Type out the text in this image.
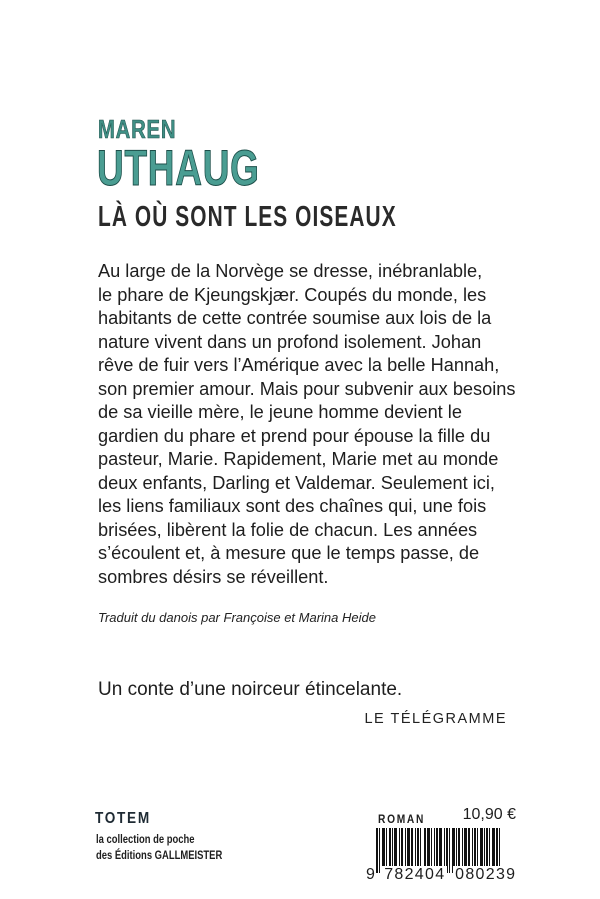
MAREN
UTHAUG
LÀ OÙ SONT LES OISEAUX
Au large de la Norvège se dresse, inébranlable,
le phare de Kjeungskjær. Coupés du monde, les
habitants de cette contrée soumise aux lois de la
nature vivent dans un profond isolement. Johan
rêve de fuir vers l’Amérique avec la belle Hannah,
son premier amour. Mais pour subvenir aux besoins
de sa vieille mère, le jeune homme devient le
gardien du phare et prend pour épouse la fille du
pasteur, Marie. Rapidement, Marie met au monde
deux enfants, Darling et Valdemar. Seulement ici,
les liens familiaux sont des chaînes qui, une fois
brisées, libèrent la folie de chacun. Les années
s’écoulent et, à mesure que le temps passe, de
sombres désirs se réveillent.
Traduit du danois par Françoise et Marina Heide
Un conte d’une noirceur étincelante.
LE TÉLÉGRAMME
TOTEM
la collection de poche
des Éditions GALLMEISTER
ROMAN 10,90 €
9 782404 080239
